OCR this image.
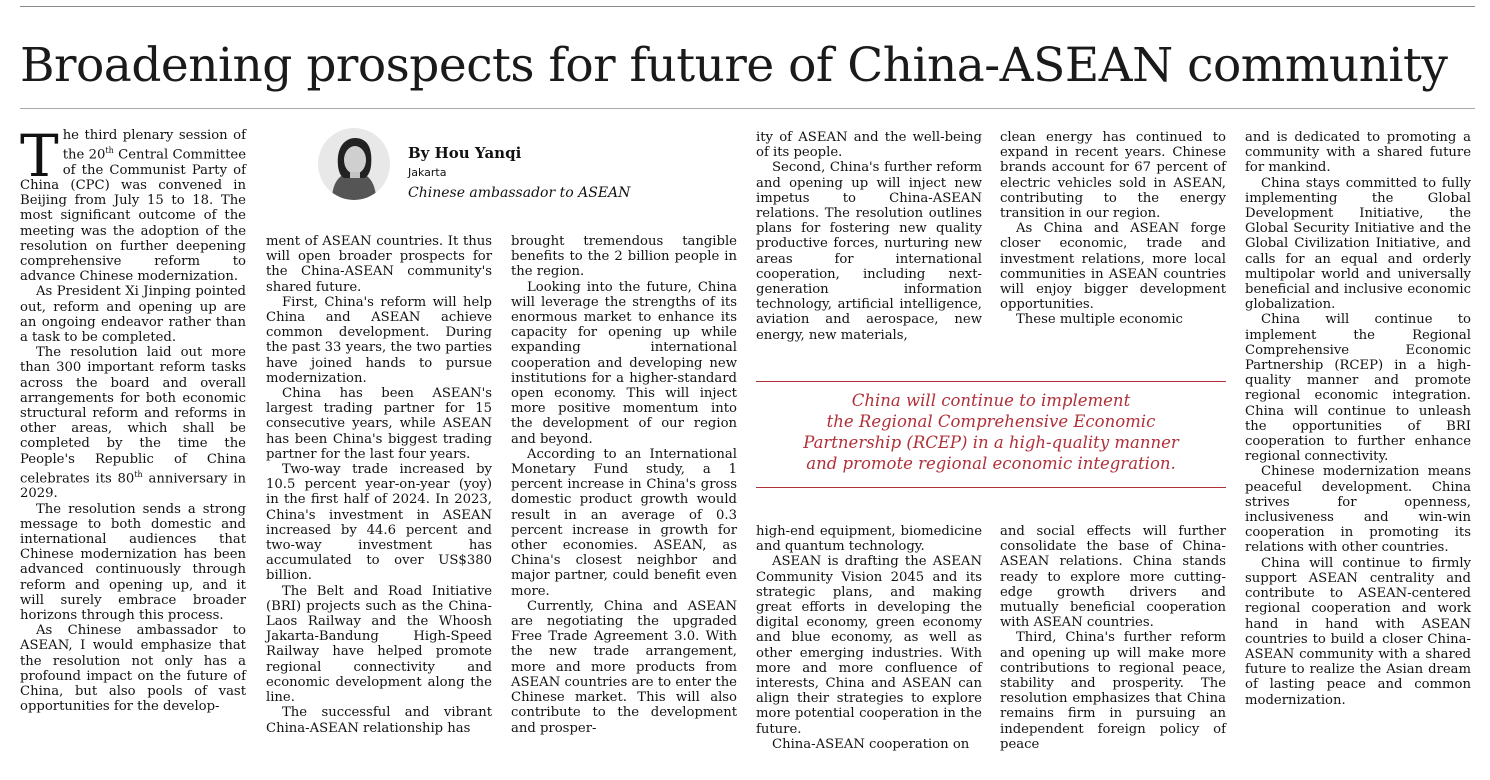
Broadening prospects for future of China-ASEAN community

The third plenary session of the 20th Central Committee of the Communist Party of China (CPC) was convened in Beijing from July 15 to 18. The most significant outcome of the meeting was the adoption of the resolution on further deepening comprehensive reform to advance Chinese modernization.

As President Xi Jinping pointed out, reform and opening up are an ongoing endeavor rather than a task to be completed.

The resolution laid out more than 300 important reform tasks across the board and overall arrangements for both economic structural reform and reforms in other areas, which shall be completed by the time the People's Republic of China celebrates its 80th anniversary in 2029.

The resolution sends a strong message to both domestic and international audiences that Chinese modernization has been advanced continuously through reform and opening up, and it will surely embrace broader horizons through this process.

As Chinese ambassador to ASEAN, I would emphasize that the resolution not only has a profound impact on the future of China, but also pools of vast opportunities for the develop-

By Hou Yanqi
Jakarta
Chinese ambassador to ASEAN

ment of ASEAN countries. It thus will open broader prospects for the China-ASEAN community's shared future.

First, China's reform will help China and ASEAN achieve common development. During the past 33 years, the two parties have joined hands to pursue modernization.

China has been ASEAN's largest trading partner for 15 consecutive years, while ASEAN has been China's biggest trading partner for the last four years.

Two-way trade increased by 10.5 percent year-on-year (yoy) in the first half of 2024. In 2023, China's investment in ASEAN increased by 44.6 percent and two-way investment has accumulated to over US$380 billion.

The Belt and Road Initiative (BRI) projects such as the China-Laos Railway and the Whoosh Jakarta-Bandung High-Speed Railway have helped promote regional connectivity and economic development along the line.

The successful and vibrant China-ASEAN relationship has

brought tremendous tangible benefits to the 2 billion people in the region.

Looking into the future, China will leverage the strengths of its enormous market to enhance its capacity for opening up while expanding international cooperation and developing new institutions for a higher-standard open economy. This will inject more positive momentum into the development of our region and beyond.

According to an International Monetary Fund study, a 1 percent increase in China's gross domestic product growth would result in an average of 0.3 percent increase in growth for other economies. ASEAN, as China's closest neighbor and major partner, could benefit even more.

Currently, China and ASEAN are negotiating the upgraded Free Trade Agreement 3.0. With the new trade arrangement, more and more products from ASEAN countries are to enter the Chinese market. This will also contribute to the development and prosper-

ity of ASEAN and the well-being of its people.

Second, China's further reform and opening up will inject new impetus to China-ASEAN relations. The resolution outlines plans for fostering new quality productive forces, nurturing new areas for international cooperation, including next-generation information technology, artificial intelligence, aviation and aerospace, new energy, new materials,

clean energy has continued to expand in recent years. Chinese brands account for 67 percent of electric vehicles sold in ASEAN, contributing to the energy transition in our region.

As China and ASEAN forge closer economic, trade and investment relations, more local communities in ASEAN countries will enjoy bigger development opportunities.

These multiple economic

China will continue to implement
the Regional Comprehensive Economic
Partnership (RCEP) in a high-quality manner
and promote regional economic integration.

high-end equipment, biomedicine and quantum technology.

ASEAN is drafting the ASEAN Community Vision 2045 and its strategic plans, and making great efforts in developing the digital economy, green economy and blue economy, as well as other emerging industries. With more and more confluence of interests, China and ASEAN can align their strategies to explore more potential cooperation in the future.

China-ASEAN cooperation on

and social effects will further consolidate the base of China-ASEAN relations. China stands ready to explore more cutting-edge growth drivers and mutually beneficial cooperation with ASEAN countries.

Third, China's further reform and opening up will make more contributions to regional peace, stability and prosperity. The resolution emphasizes that China remains firm in pursuing an independent foreign policy of peace

and is dedicated to promoting a community with a shared future for mankind.

China stays committed to fully implementing the Global Development Initiative, the Global Security Initiative and the Global Civilization Initiative, and calls for an equal and orderly multipolar world and universally beneficial and inclusive economic globalization.

China will continue to implement the Regional Comprehensive Economic Partnership (RCEP) in a high-quality manner and promote regional economic integration. China will continue to unleash the opportunities of BRI cooperation to further enhance regional connectivity.

Chinese modernization means peaceful development. China strives for openness, inclusiveness and win-win cooperation in promoting its relations with other countries.

China will continue to firmly support ASEAN centrality and contribute to ASEAN-centered regional cooperation and work hand in hand with ASEAN countries to build a closer China-ASEAN community with a shared future to realize the Asian dream of lasting peace and common modernization.
